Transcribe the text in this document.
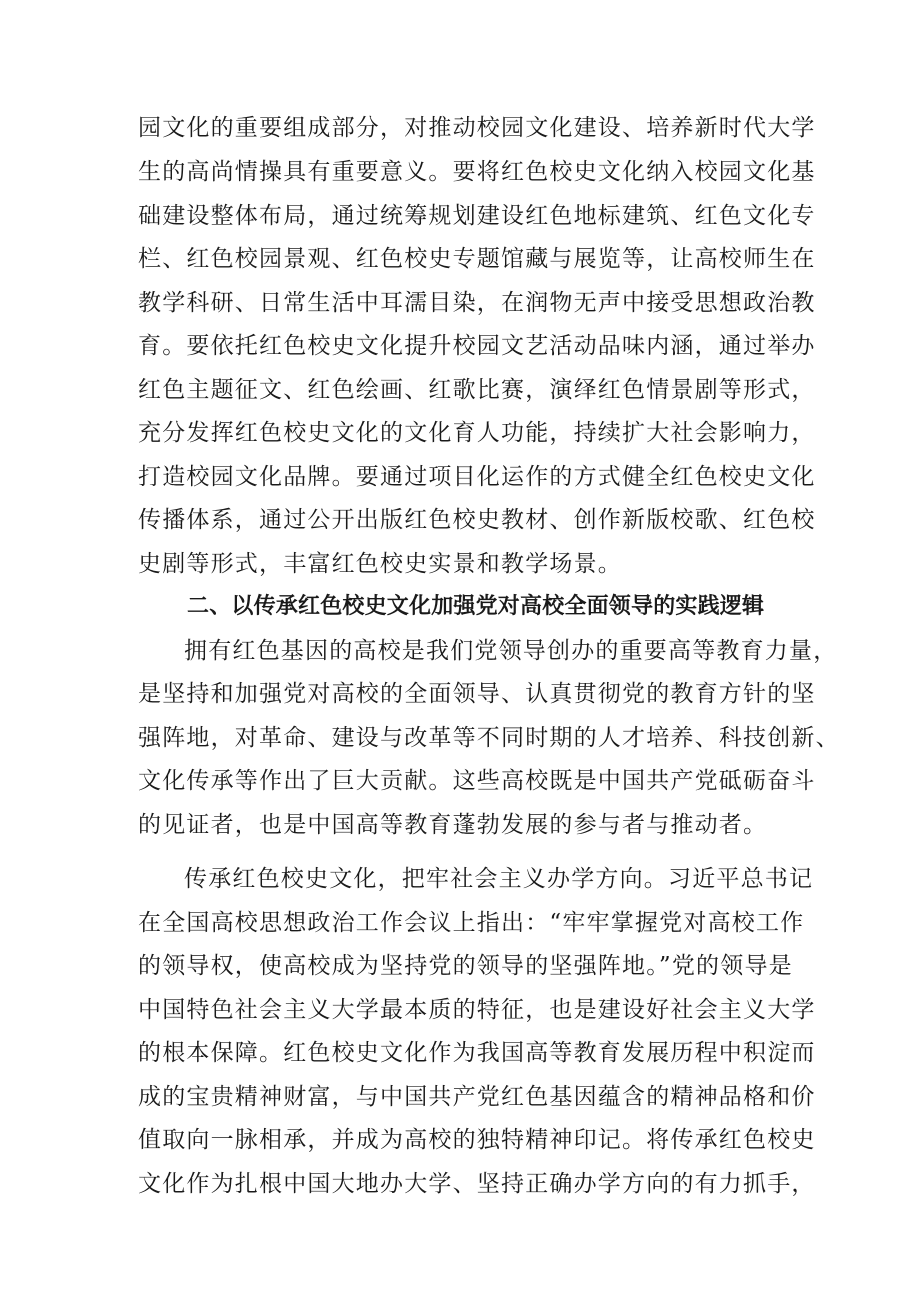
园文化的重要组成部分，对推动校园文化建设、培养新时代大学
生的高尚情操具有重要意义。要将红色校史文化纳入校园文化基
础建设整体布局，通过统筹规划建设红色地标建筑、红色文化专
栏、红色校园景观、红色校史专题馆藏与展览等，让高校师生在
教学科研、日常生活中耳濡目染，在润物无声中接受思想政治教
育。要依托红色校史文化提升校园文艺活动品味内涵，通过举办
红色主题征文、红色绘画、红歌比赛，演绎红色情景剧等形式，
充分发挥红色校史文化的文化育人功能，持续扩大社会影响力，
打造校园文化品牌。要通过项目化运作的方式健全红色校史文化
传播体系，通过公开出版红色校史教材、创作新版校歌、红色校
史剧等形式，丰富红色校史实景和教学场景。
二、以传承红色校史文化加强党对高校全面领导的实践逻辑
拥有红色基因的高校是我们党领导创办的重要高等教育力量，
是坚持和加强党对高校的全面领导、认真贯彻党的教育方针的坚
强阵地，对革命、建设与改革等不同时期的人才培养、科技创新、
文化传承等作出了巨大贡献。这些高校既是中国共产党砥砺奋斗
的见证者，也是中国高等教育蓬勃发展的参与者与推动者。
传承红色校史文化，把牢社会主义办学方向。习近平总书记
在全国高校思想政治工作会议上指出：“牢牢掌握党对高校工作
的领导权，使高校成为坚持党的领导的坚强阵地。”党的领导是
中国特色社会主义大学最本质的特征，也是建设好社会主义大学
的根本保障。红色校史文化作为我国高等教育发展历程中积淀而
成的宝贵精神财富，与中国共产党红色基因蕴含的精神品格和价
值取向一脉相承，并成为高校的独特精神印记。将传承红色校史
文化作为扎根中国大地办大学、坚持正确办学方向的有力抓手，
